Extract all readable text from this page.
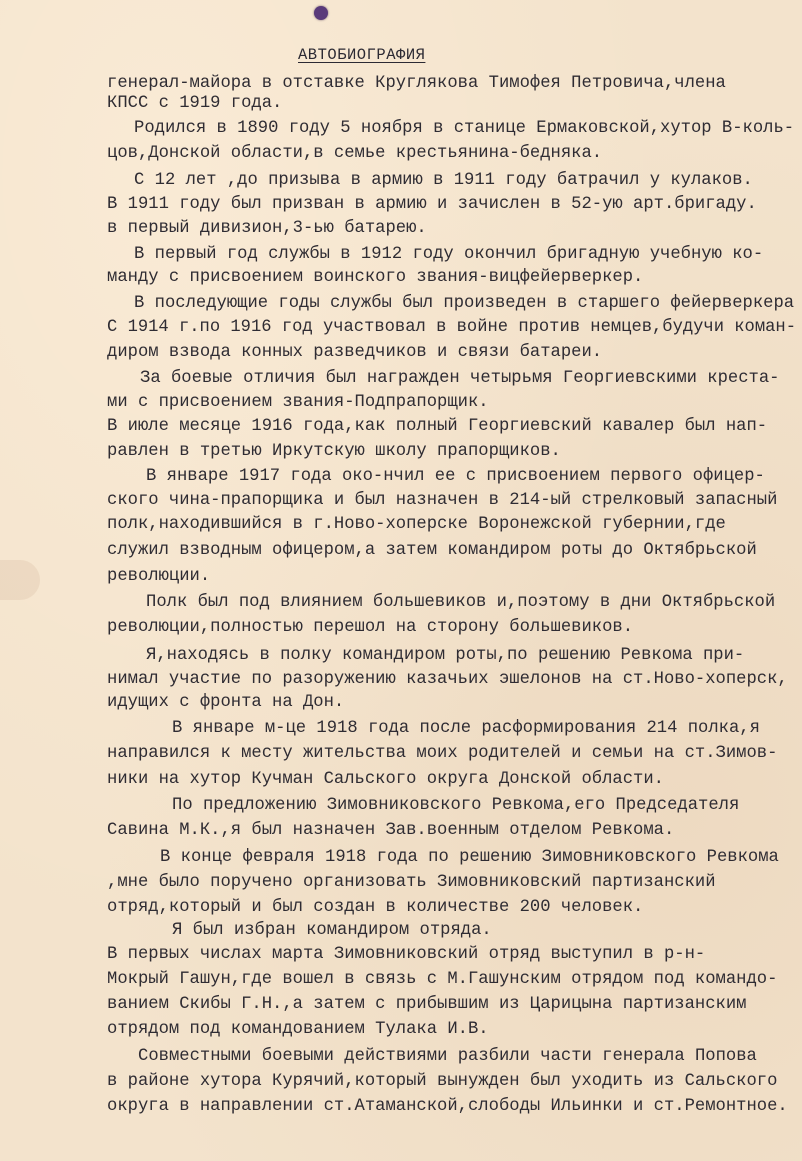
АВТОБИОГРАФИЯ
генерал-майора в отставке Круглякова Тимофея Петровича,члена
КПСС с 1919 года.
Родился в 1890 году 5 ноября в станице Ермаковской,хутор В-коль-
цов,Донской области,в семье крестьянина-бедняка.
С 12 лет ,до призыва в армию в 1911 году батрачил у кулаков.
В 1911 году был призван в армию и зачислен в 52-ую арт.бригаду.
в первый дивизион,3-ью батарею.
В первый год службы в 1912 году окончил бригадную учебную ко-
манду с присвоением воинского звания-вицфейерверкер.
В последующие годы службы был произведен в старшего фейерверкера
С 1914 г.по 1916 год участвовал в войне против немцев,будучи коман-
диром взвода конных разведчиков и связи батареи.
За боевые отличия был награжден четырьмя Георгиевскими креста-
ми с присвоением звания-Подпрапорщик.
В июле месяце 1916 года,как полный Георгиевский кавалер был нап-
равлен в третью Иркутскую школу прапорщиков.
В январе 1917 года око-нчил ее с присвоением первого офицер-
ского чина-прапорщика и был назначен в 214-ый стрелковый запасный
полк,находившийся в г.Ново-хоперске Воронежской губернии,где
служил взводным офицером,а затем командиром роты до Октябрьской
революции.
Полк был под влиянием большевиков и,поэтому в дни Октябрьской
революции,полностью перешол на сторону большевиков.
Я,находясь в полку командиром роты,по решению Ревкома при-
нимал участие по разоружению казачьих эшелонов на ст.Ново-хоперск,
идущих с фронта на Дон.
В январе м-це 1918 года после расформирования 214 полка,я
направился к месту жительства моих родителей и семьи на ст.Зимов-
ники на хутор Кучман Сальского округа Донской области.
По предложению Зимовниковского Ревкома,его Председателя
Савина М.К.,я был назначен Зав.военным отделом Ревкома.
В конце февраля 1918 года по решению Зимовниковского Ревкома
,мне было поручено организовать Зимовниковский партизанский
отряд,который и был создан в количестве 200 человек.
Я был избран командиром отряда.
В первых числах марта Зимовниковский отряд выступил в р-н-
Мокрый Гашун,где вошел в связь с М.Гашунским отрядом под командо-
ванием Скибы Г.Н.,а затем с прибывшим из Царицына партизанским
отрядом под командованием Тулака И.В.
Совместными боевыми действиями разбили части генерала Попова
в районе хутора Курячий,который вынужден был уходить из Сальского
округа в направлении ст.Атаманской,слободы Ильинки и ст.Ремонтное.
